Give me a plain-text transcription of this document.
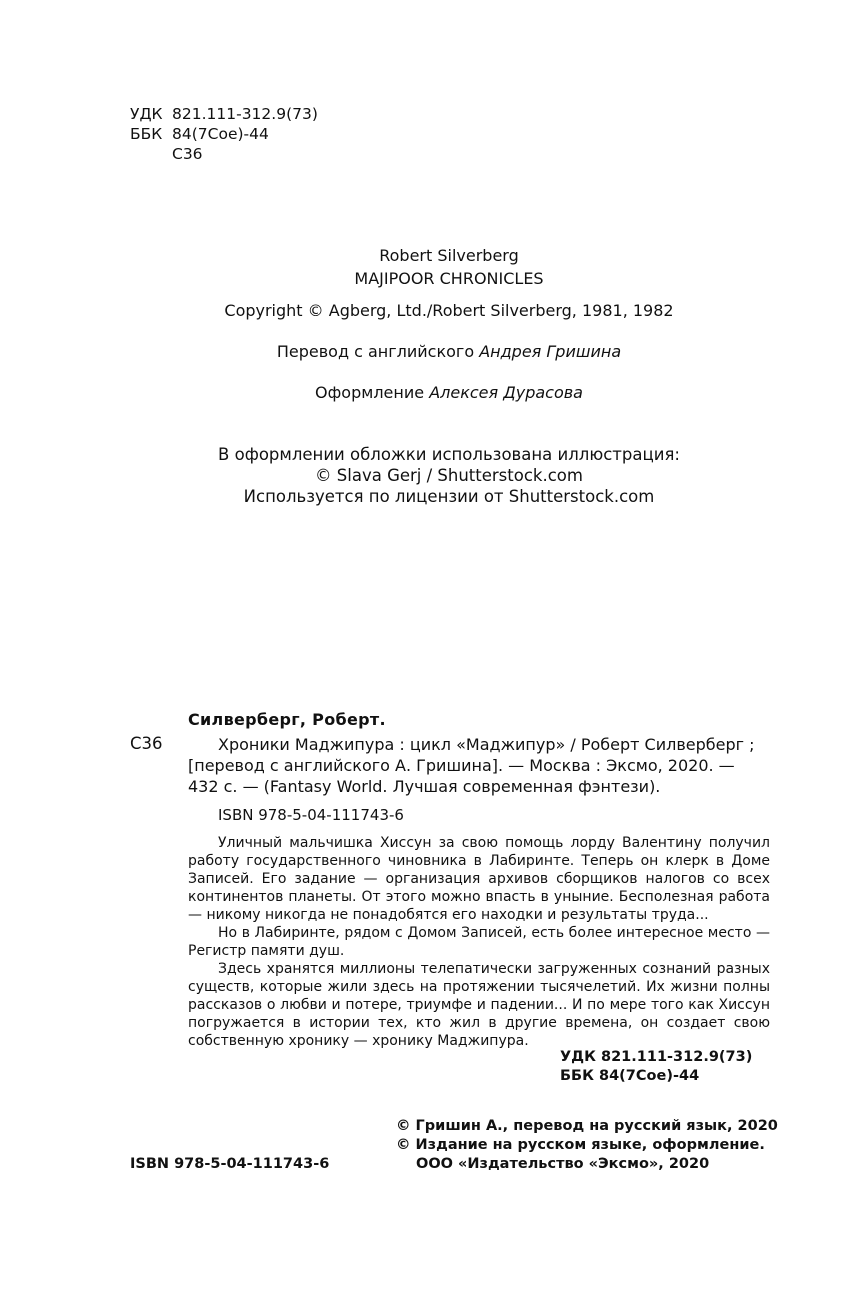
УДК 821.111-312.9(73)
ББК 84(7Сое)-44
С36
Robert Silverberg
MAJIPOOR CHRONICLES
Copyright © Agberg, Ltd./Robert Silverberg, 1981, 1982
Перевод с английского Андрея Гришина
Оформление Алексея Дурасова
В оформлении обложки использована иллюстрация:
© Slava Gerj / Shutterstock.com
Используется по лицензии от Shutterstock.com
Силверберг, Роберт.
С36	Хроники Маджипура : цикл «Маджипур» / Роберт Силверберг ;
[перевод с английского А. Гришина]. — Москва : Эксмо, 2020. —
432 с. — (Fantasy World. Лучшая современная фэнтези).
ISBN 978-5-04-111743-6

Уличный мальчишка Хиссун за свою помощь лорду Валентину получил работу государственного чиновника в Лабиринте. Теперь он клерк в Доме Записей. Его задание — организация архивов сборщиков налогов со всех континентов планеты. От этого можно впасть в уныние. Бесполезная работа — никому никогда не понадобятся его находки и результаты труда...

Но в Лабиринте, рядом с Домом Записей, есть более интересное место — Регистр памяти душ.

Здесь хранятся миллионы телепатически загруженных сознаний разных существ, которые жили здесь на протяжении тысячелетий. Их жизни полны рассказов о любви и потере, триумфе и падении... И по мере того как Хиссун погружается в истории тех, кто жил в другие времена, он создает свою собственную хронику — хронику Маджипура.

УДК 821.111-312.9(73)
ББК 84(7Сое)-44
© Гришин А., перевод на русский язык, 2020
© Издание на русском языке, оформление.
ООО «Издательство «Эксмо», 2020
ISBN 978-5-04-111743-6
